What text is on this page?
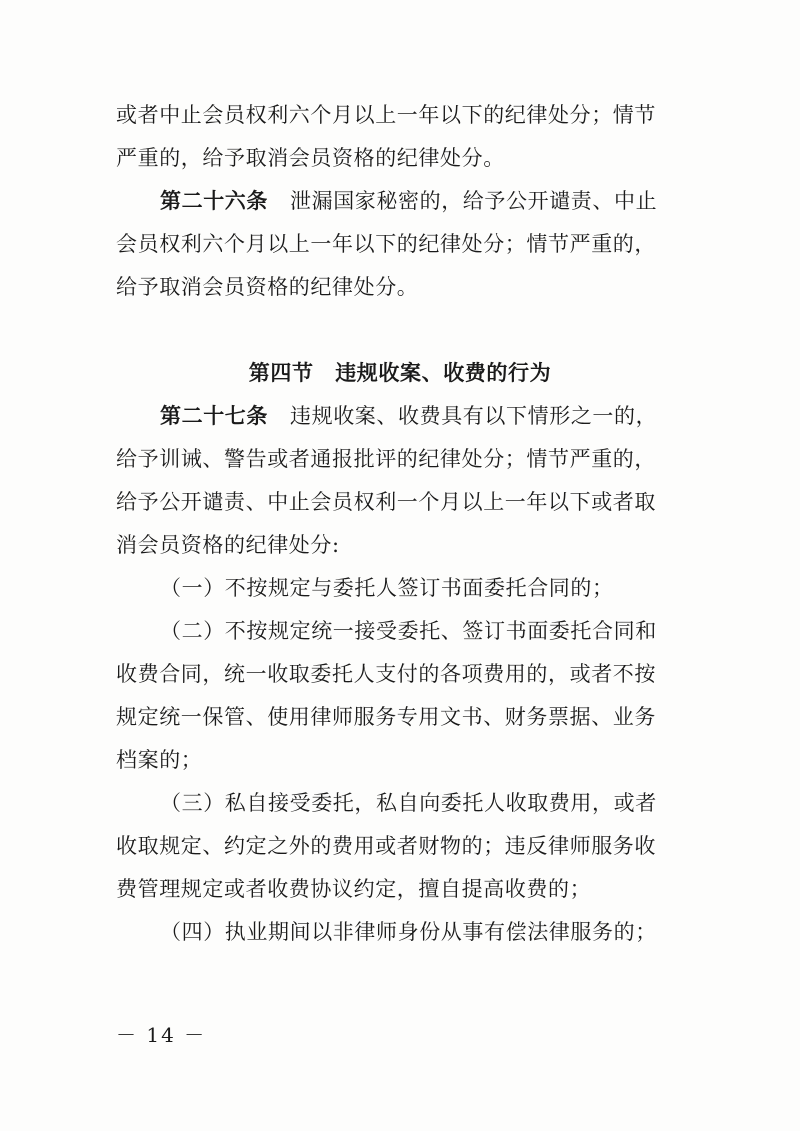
或者中止会员权利六个月以上一年以下的纪律处分；情节
严重的，给予取消会员资格的纪律处分。
第二十六条 泄漏国家秘密的，给予公开谴责、中止
会员权利六个月以上一年以下的纪律处分；情节严重的，
给予取消会员资格的纪律处分。
第四节　违规收案、收费的行为
第二十七条 违规收案、收费具有以下情形之一的，
给予训诫、警告或者通报批评的纪律处分；情节严重的，
给予公开谴责、中止会员权利一个月以上一年以下或者取
消会员资格的纪律处分:
（一）不按规定与委托人签订书面委托合同的；
（二）不按规定统一接受委托、签订书面委托合同和
收费合同，统一收取委托人支付的各项费用的，或者不按
规定统一保管、使用律师服务专用文书、财务票据、业务
档案的；
（三）私自接受委托，私自向委托人收取费用，或者
收取规定、约定之外的费用或者财物的；违反律师服务收
费管理规定或者收费协议约定，擅自提高收费的；
（四）执业期间以非律师身份从事有偿法律服务的；
－ 14 －
